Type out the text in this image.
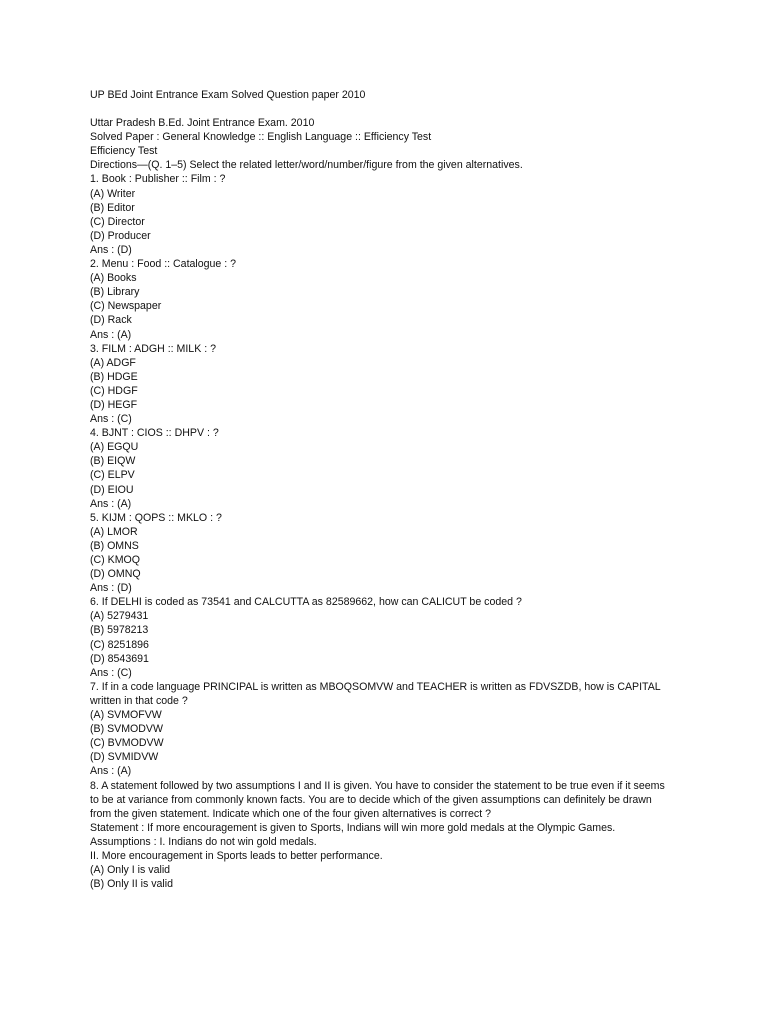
UP BEd Joint Entrance Exam Solved Question paper 2010

Uttar Pradesh B.Ed. Joint Entrance Exam. 2010
Solved Paper : General Knowledge :: English Language :: Efficiency Test
Efficiency Test
Directions—(Q. 1–5) Select the related letter/word/number/figure from the given alternatives.
1. Book : Publisher :: Film : ?
(A) Writer
(B) Editor
(C) Director
(D) Producer
Ans : (D)
2. Menu : Food :: Catalogue : ?
(A) Books
(B) Library
(C) Newspaper
(D) Rack
Ans : (A)
3. FILM : ADGH :: MILK : ?
(A) ADGF
(B) HDGE
(C) HDGF
(D) HEGF
Ans : (C)
4. BJNT : CIOS :: DHPV : ?
(A) EGQU
(B) EIQW
(C) ELPV
(D) EIOU
Ans : (A)
5. KIJM : QOPS :: MKLO : ?
(A) LMOR
(B) OMNS
(C) KMOQ
(D) OMNQ
Ans : (D)
6. If DELHI is coded as 73541 and CALCUTTA as 82589662, how can CALICUT be coded ?
(A) 5279431
(B) 5978213
(C) 8251896
(D) 8543691
Ans : (C)
7. If in a code language PRINCIPAL is written as MBOQSOMVW and TEACHER is written as FDVSZDB, how is CAPITAL
written in that code ?
(A) SVMOFVW
(B) SVMODVW
(C) BVMODVW
(D) SVMIDVW
Ans : (A)
8. A statement followed by two assumptions I and II is given. You have to consider the statement to be true even if it seems
to be at variance from commonly known facts. You are to decide which of the given assumptions can definitely be drawn
from the given statement. Indicate which one of the four given alternatives is correct ?
Statement : If more encouragement is given to Sports, Indians will win more gold medals at the Olympic Games.
Assumptions : I. Indians do not win gold medals.
II. More encouragement in Sports leads to better performance.
(A) Only I is valid
(B) Only II is valid
